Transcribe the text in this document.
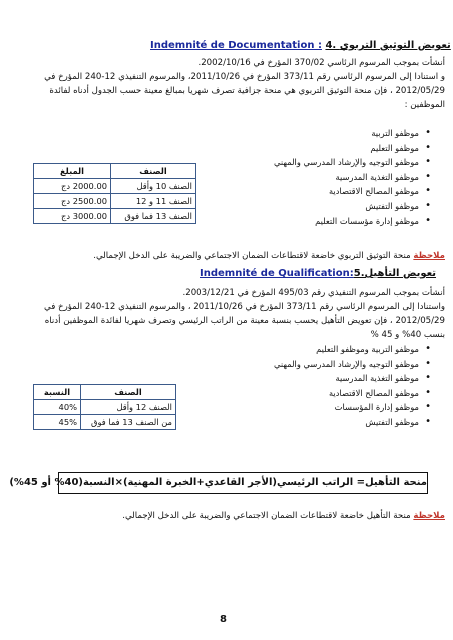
Indemnité de Documentation : 4. تعويض التوثيق التربوي
أنشأت بموجب المرسوم الرئاسي 370/02 المؤرخ في 2002/10/16.
و استنادا إلى المرسوم الرئاسي رقم 373/11 المؤرخ في 2011/10/26، والمرسوم التنفيذي 12-240 المؤرخ في
2012/05/29 ، فإن منحة التوثيق التربوي هي منحة جزافية تصرف شهريا بمبالغ معينة حسب الجدول أدناه لفائدة
الموظفين :
• موظفو التربية
• موظفو التعليم
• موظفو التوجيه والإرشاد المدرسي والمهني
• موظفو التغذية المدرسية
• موظفو المصالح الاقتصادية
• موظفو التفتيش
• موظفو إدارة مؤسسات التعليم
المبلغ	الصنف
2000.00 دج	الصنف 10 وأقل
2500.00 دج	الصنف 11 و 12
3000.00 دج	الصنف 13 فما فوق
ملاحظة منحة التوثيق التربوي خاضعة لاقتطاعات الضمان الاجتماعي والضريبة على الدخل الإجمالي.
Indemnité de Qualification:5.تعويض التأهيل
أنشأت بموجب المرسوم التنفيذي رقم 495/03 المؤرخ في 2003/12/21.
واستنادا إلى المرسوم الرئاسي رقم 373/11 المؤرخ في 2011/10/26 ، والمرسوم التنفيذي 12-240 المؤرخ في
2012/05/29 ، فإن تعويض التأهيل يحسب بنسبة معينة من الراتب الرئيسي وتصرف شهريا لفائدة الموظفين أدناه
بنسب 40% و 45 %
• موظفو التربية وموظفو التعليم
• موظفو التوجيه والإرشاد المدرسي والمهني
• موظفو التغذية المدرسية
• موظفو المصالح الاقتصادية
• موظفو إدارة المؤسسات
• موظفو التفتيش
النسبة	الصنف
40%	الصنف 12 وأقل
45%	من الصنف 13 فما فوق
منحة التأهيل= الراتب الرئيسي(الأجر القاعدي+الخبرة المهنية)×النسبة(40% أو 45%)
ملاحظة منحة التأهيل خاضعة لاقتطاعات الضمان الاجتماعي والضريبة على الدخل الإجمالي.
8
